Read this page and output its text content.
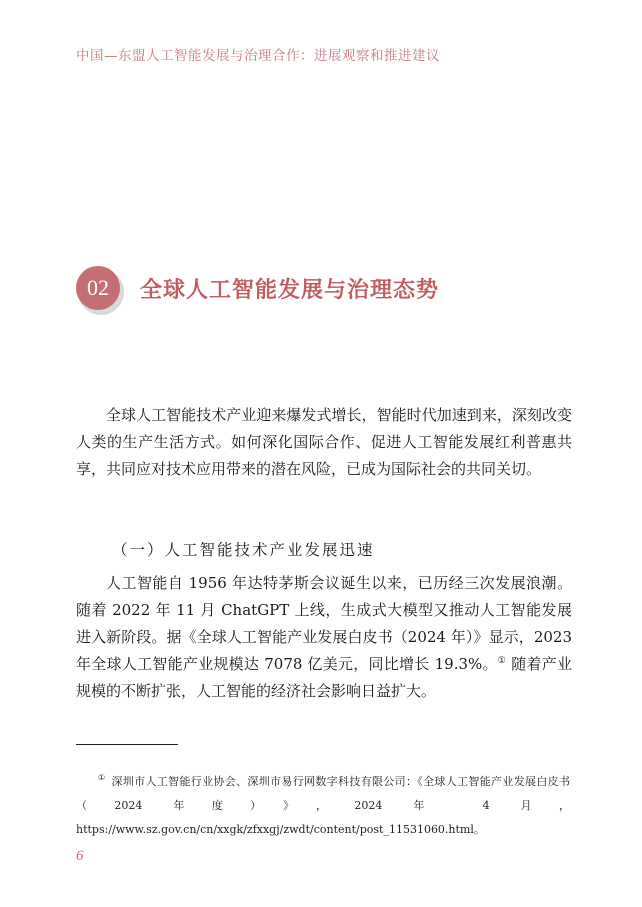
中国—东盟人工智能发展与治理合作：进展观察和推进建议
02	全球人工智能发展与治理态势

全球人工智能技术产业迎来爆发式增长，智能时代加速到来，深刻改变人类的生产生活方式。如何深化国际合作、促进人工智能发展红利普惠共享，共同应对技术应用带来的潜在风险，已成为国际社会的共同关切。

（一）人工智能技术产业发展迅速

人工智能自 1956 年达特茅斯会议诞生以来，已历经三次发展浪潮。随着 2022 年 11 月 ChatGPT 上线，生成式大模型又推动人工智能发展进入新阶段。据《全球人工智能产业发展白皮书（2024 年）》显示，2023 年全球人工智能产业规模达 7078 亿美元，同比增长 19.3%。① 随着产业规模的不断扩张，人工智能的经济社会影响日益扩大。

① 深圳市人工智能行业协会、深圳市易行网数字科技有限公司：《全球人工智能产业发展白皮书（2024 年度）》，2024 年 4 月，https://www.sz.gov.cn/cn/xxgk/zfxxgj/zwdt/content/post_11531060.html。
6
